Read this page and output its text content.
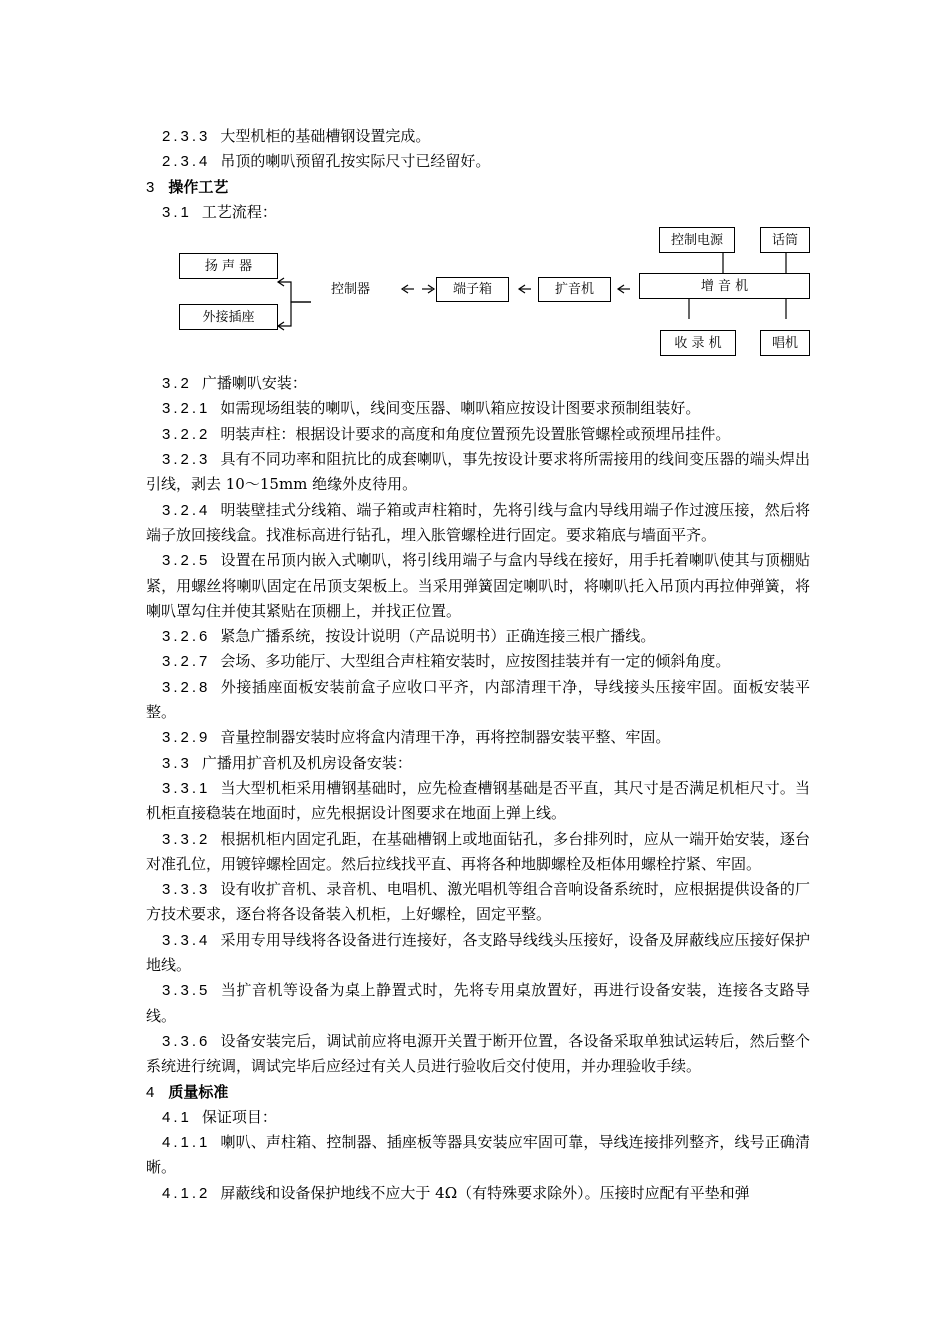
2.3.3 大型机柜的基础槽钢设置完成。

2.3.4 吊顶的喇叭预留孔按实际尺寸已经留好。

3 操作工艺

3.1 工艺流程：

控制电源	话筒
扬 声 器
外接插座
控制器	端子箱	扩音机	增 音 机
收 录 机	唱机

3.2 广播喇叭安装：

3.2.1 如需现场组装的喇叭，线间变压器、喇叭箱应按设计图要求预制组装好。

3.2.2 明装声柱：根据设计要求的高度和角度位置预先设置胀管螺栓或预埋吊挂件。

3.2.3 具有不同功率和阻抗比的成套喇叭，事先按设计要求将所需接用的线间变压器的端头焊出引线，剥去 10～15mm 绝缘外皮待用。

3.2.4 明装壁挂式分线箱、端子箱或声柱箱时，先将引线与盒内导线用端子作过渡压接，然后将端子放回接线盒。找准标高进行钻孔，埋入胀管螺栓进行固定。要求箱底与墙面平齐。

3.2.5 设置在吊顶内嵌入式喇叭，将引线用端子与盒内导线在接好，用手托着喇叭使其与顶棚贴紧，用螺丝将喇叭固定在吊顶支架板上。当采用弹簧固定喇叭时，将喇叭托入吊顶内再拉伸弹簧，将喇叭罩勾住并使其紧贴在顶棚上，并找正位置。

3.2.6 紧急广播系统，按设计说明（产品说明书）正确连接三根广播线。

3.2.7 会场、多功能厅、大型组合声柱箱安装时，应按图挂装并有一定的倾斜角度。

3.2.8 外接插座面板安装前盒子应收口平齐，内部清理干净，导线接头压接牢固。面板安装平整。

3.2.9 音量控制器安装时应将盒内清理干净，再将控制器安装平整、牢固。

3.3 广播用扩音机及机房设备安装：

3.3.1 当大型机柜采用槽钢基础时，应先检查槽钢基础是否平直，其尺寸是否满足机柜尺寸。当机柜直接稳装在地面时，应先根据设计图要求在地面上弹上线。

3.3.2 根据机柜内固定孔距，在基础槽钢上或地面钻孔，多台排列时，应从一端开始安装，逐台对准孔位，用镀锌螺栓固定。然后拉线找平直、再将各种地脚螺栓及柜体用螺栓拧紧、牢固。

3.3.3 设有收扩音机、录音机、电唱机、激光唱机等组合音响设备系统时，应根据提供设备的厂方技术要求，逐台将各设备装入机柜，上好螺栓，固定平整。

3.3.4 采用专用导线将各设备进行连接好，各支路导线线头压接好，设备及屏蔽线应压接好保护地线。

3.3.5 当扩音机等设备为桌上静置式时，先将专用桌放置好，再进行设备安装，连接各支路导线。

3.3.6 设备安装完后，调试前应将电源开关置于断开位置，各设备采取单独试运转后，然后整个系统进行统调，调试完毕后应经过有关人员进行验收后交付使用，并办理验收手续。

4 质量标准

4.1 保证项目：

4.1.1 喇叭、声柱箱、控制器、插座板等器具安装应牢固可靠，导线连接排列整齐，线号正确清晰。

4.1.2 屏蔽线和设备保护地线不应大于 4Ω（有特殊要求除外）。压接时应配有平垫和弹
